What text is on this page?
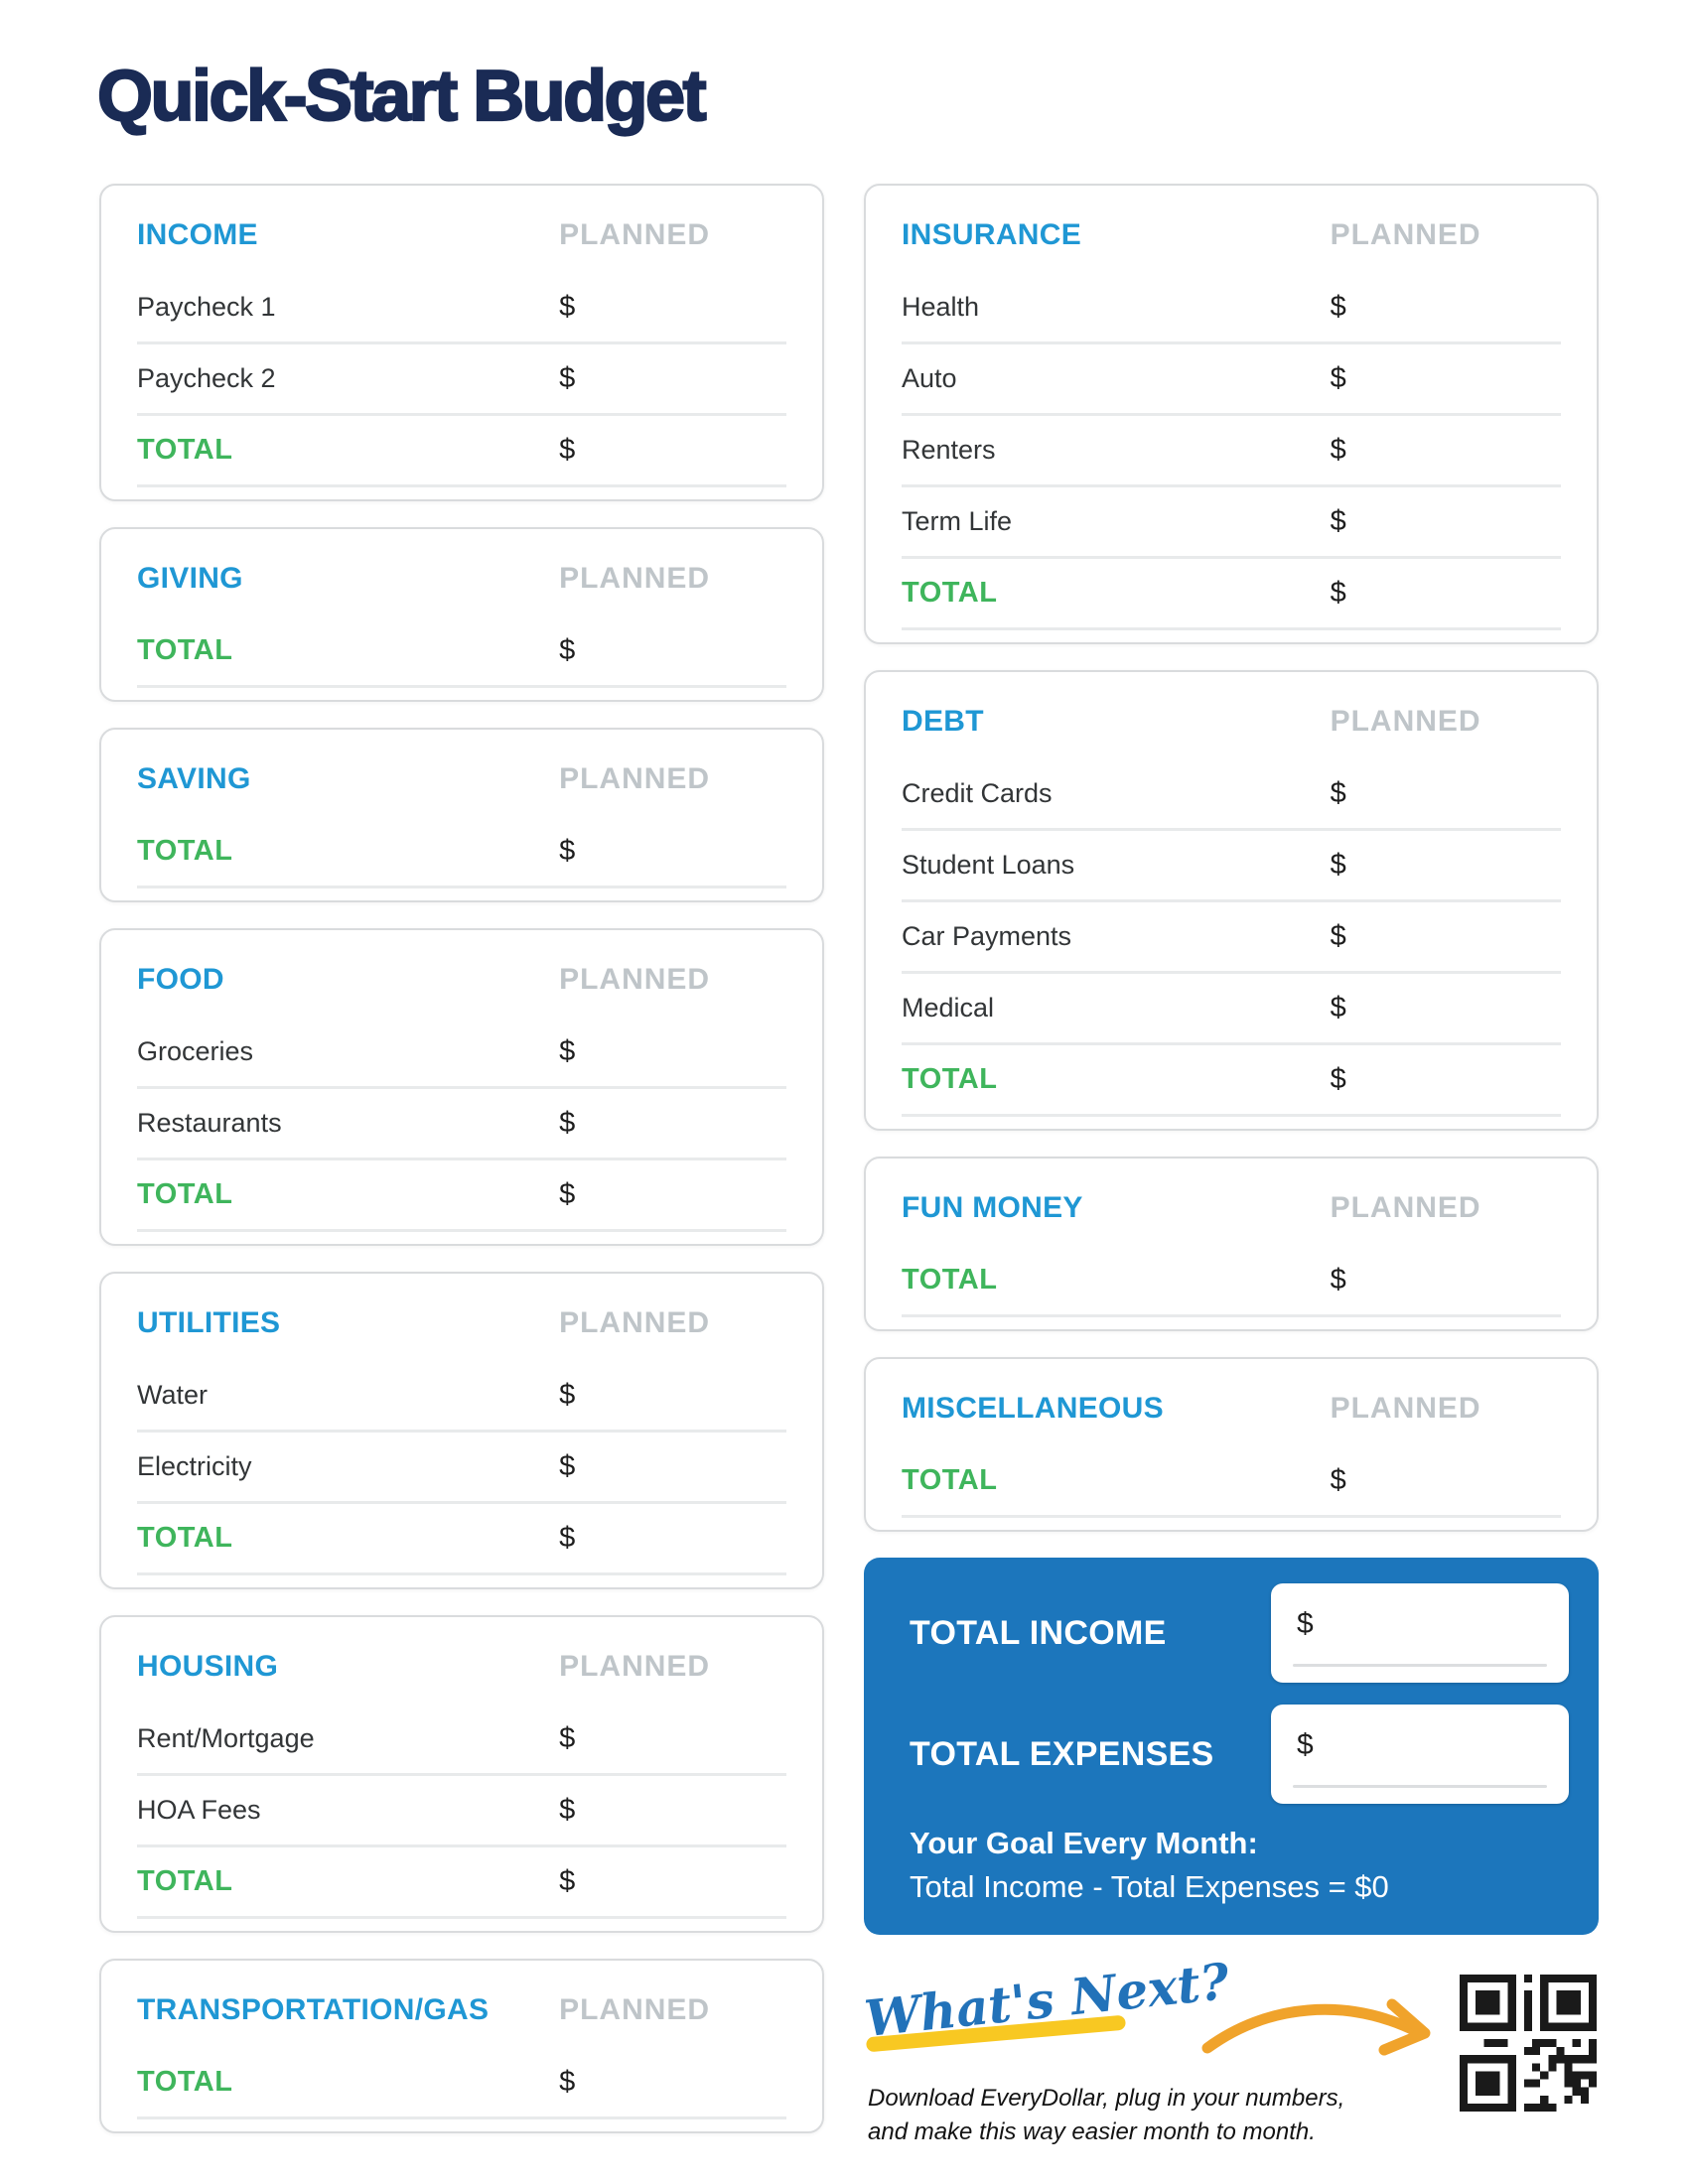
Quick-Start Budget
INCOME	PLANNED
Paycheck 1	$
Paycheck 2	$
TOTAL	$
GIVING	PLANNED
TOTAL	$
SAVING	PLANNED
TOTAL	$
FOOD	PLANNED
Groceries	$
Restaurants	$
TOTAL	$
UTILITIES	PLANNED
Water	$
Electricity	$
TOTAL	$
HOUSING	PLANNED
Rent/Mortgage	$
HOA Fees	$
TOTAL	$
TRANSPORTATION/GAS	PLANNED
TOTAL	$
INSURANCE	PLANNED
Health	$
Auto	$
Renters	$
Term Life	$
TOTAL	$
DEBT	PLANNED
Credit Cards	$
Student Loans	$
Car Payments	$
Medical	$
TOTAL	$
FUN MONEY	PLANNED
TOTAL	$
MISCELLANEOUS	PLANNED
TOTAL	$
TOTAL INCOME	$
TOTAL EXPENSES	$
Your Goal Every Month:
Total Income - Total Expenses = $0
What's Next?
Download EveryDollar, plug in your numbers,
and make this way easier month to month.
